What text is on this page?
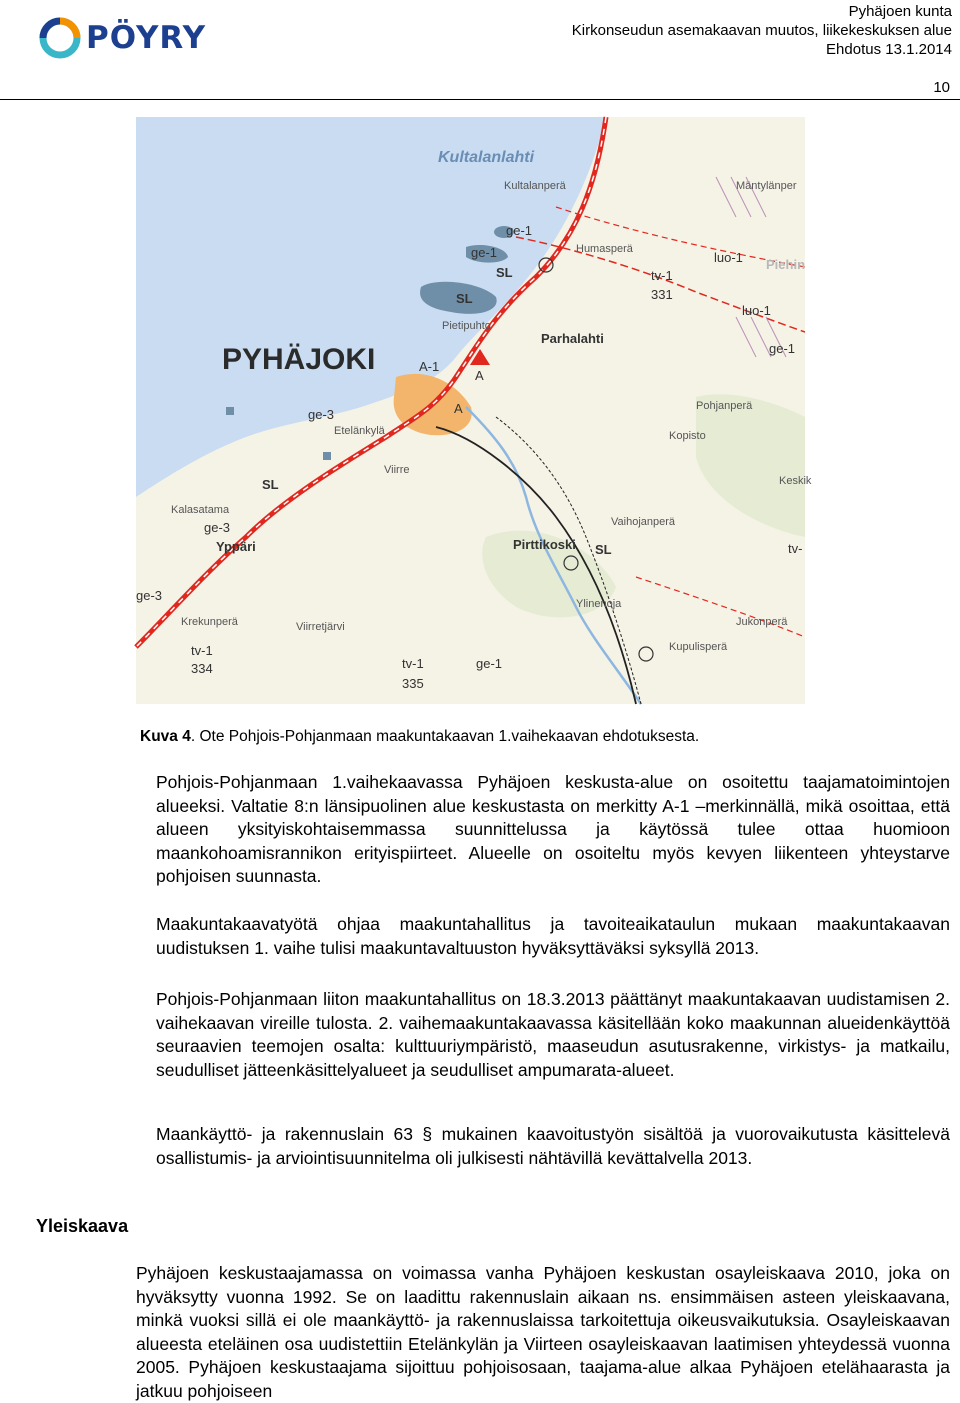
PÖYRY
Pyhäjoen kunta
Kirkonseudun asemakaavan muutos, liikekeskuksen alue
Ehdotus 13.1.2014
10
Kultalanlahti
Kultalanperä	Mäntylänper
ge-1
ge-1
SL
Humasperä
tv-1
331
luo-1 Piehin
SL
luo-1
Pietipuhto
Parhalahti
ge-1
PYHÄJOKI	A-1
A
A
ge-3
Pohjanperä
Etelänkylä	Kopisto
Viirre
Keskik
SL
Kalasatama
Vaihojanperä
ge-3
Yppäri	Pirttikoski SL	tv-
ge-3
Ylinenoja
Krekunperä	Viirretjärvi	Jukonperä
Kupulisperä
tv-1
ge-1
334	tv-1
335
Kuva 4. Ote Pohjois-Pohjanmaan maakuntakaavan 1.vaihekaavan ehdotuksesta.

Pohjois-Pohjanmaan 1.vaihekaavassa Pyhäjoen keskusta-alue on osoitettu taajamatoimintojen alueeksi. Valtatie 8:n länsipuolinen alue keskustasta on merkitty A-1 –merkinnällä, mikä osoittaa, että alueen yksityiskohtaisemmassa suunnittelussa ja käytössä tulee ottaa huomioon maankohoamisrannikon erityispiirteet. Alueelle on osoiteltu myös kevyen liikenteen yhteystarve pohjoisen suunnasta.

Maakuntakaavatyötä ohjaa maakuntahallitus ja tavoiteaikataulun mukaan maakuntakaavan uudistuksen 1. vaihe tulisi maakuntavaltuuston hyväksyttäväksi syksyllä 2013.

Pohjois-Pohjanmaan liiton maakuntahallitus on 18.3.2013 päättänyt maakuntakaavan uudistamisen 2. vaihekaavan vireille tulosta. 2. vaihemaakuntakaavassa käsitellään koko maakunnan alueidenkäyttöä seuraavien teemojen osalta: kulttuuriympäristö, maaseudun asutusrakenne, virkistys- ja matkailu, seudulliset jätteenkäsittelyalueet ja seudulliset ampumarata-alueet.

Maankäyttö- ja rakennuslain 63 § mukainen kaavoitustyön sisältöä ja vuorovaikutusta käsittelevä osallistumis- ja arviointisuunnitelma oli julkisesti nähtävillä kevättalvella 2013.

Yleiskaava

Pyhäjoen keskustaajamassa on voimassa vanha Pyhäjoen keskustan osayleiskaava 2010, joka on hyväksytty vuonna 1992. Se on laadittu rakennuslain aikaan ns. ensimmäisen asteen yleiskaavana, minkä vuoksi sillä ei ole maankäyttö- ja rakennuslaissa tarkoitettuja oikeusvaikutuksia. Osayleiskaavan alueesta eteläinen osa uudistettiin Etelänkylän ja Viirteen osayleiskaavan laatimisen yhteydessä vuonna 2005. Pyhäjoen keskustaajama sijoittuu pohjoisosaan, taajama-alue alkaa Pyhäjoen etelähaarasta ja jatkuu pohjoiseen
